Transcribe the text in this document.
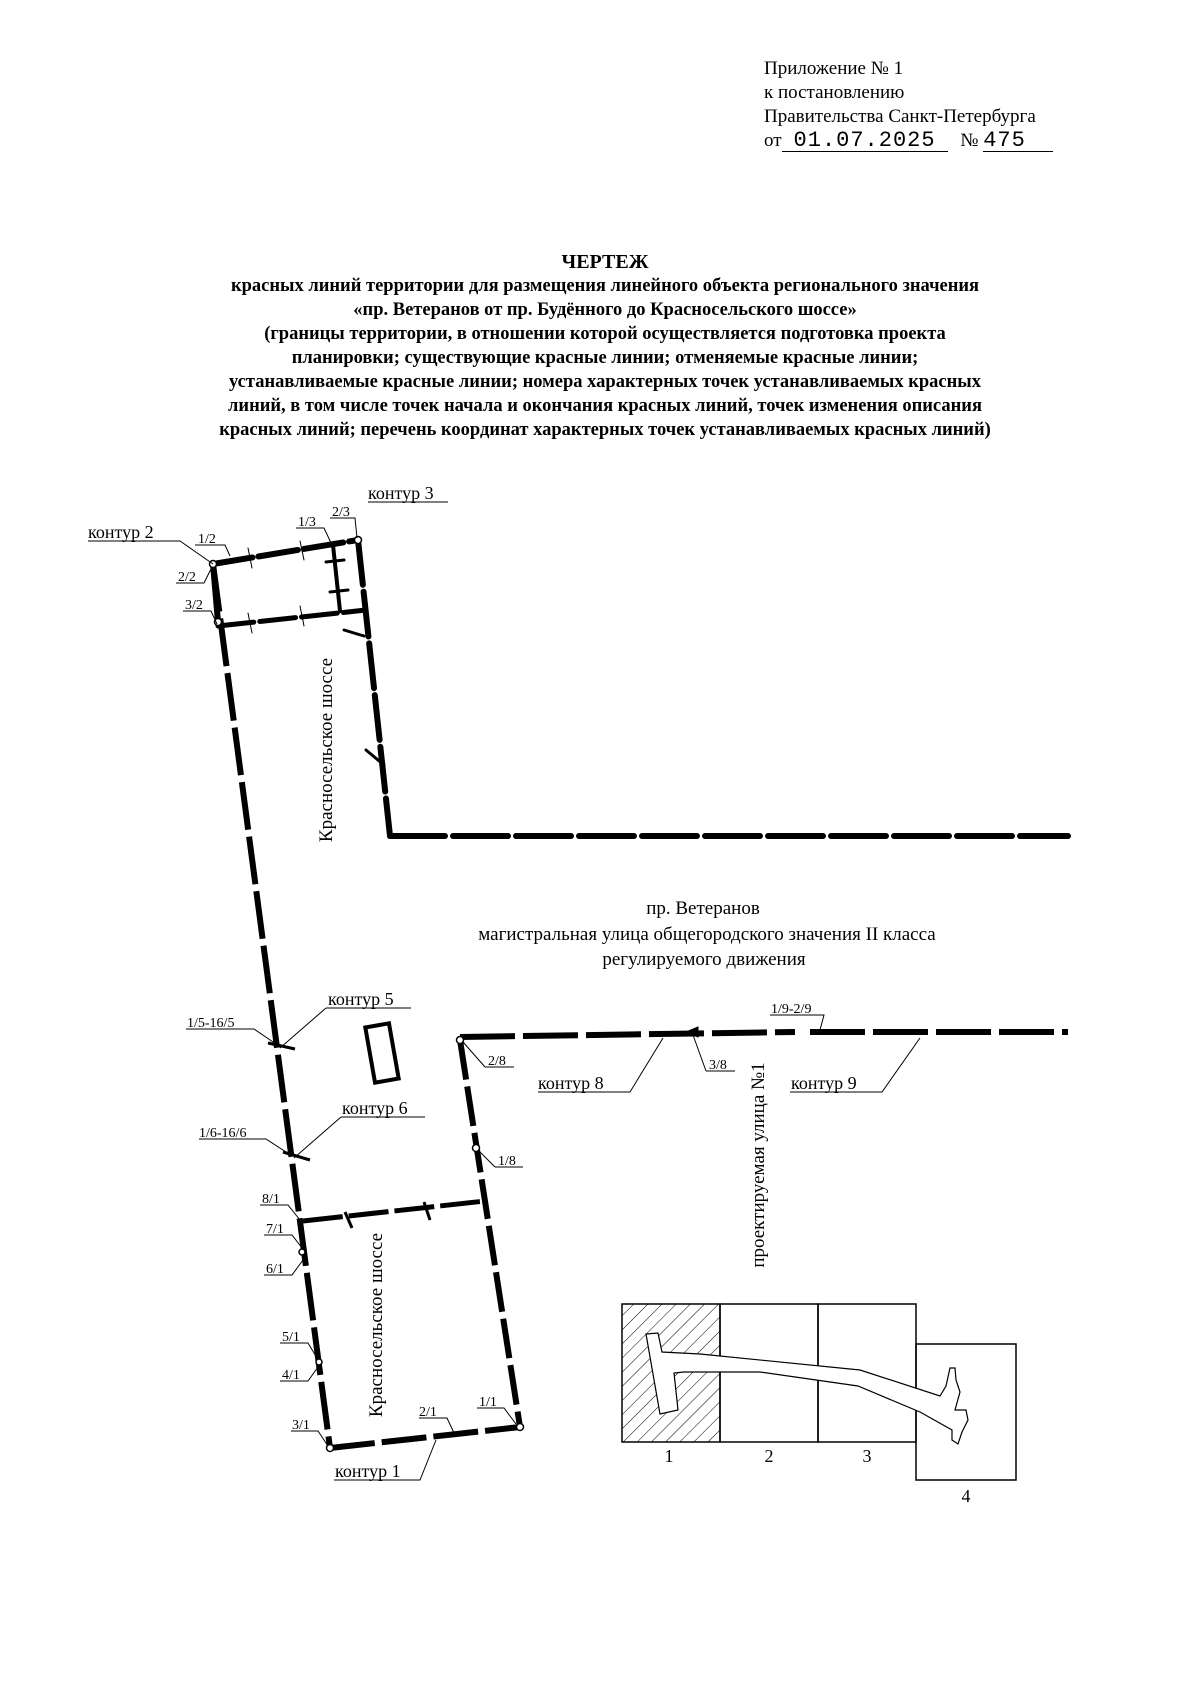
Приложение № 1
к постановлению
Правительства Санкт-Петербурга
от 01.07.2025 № 475
ЧЕРТЕЖ
красных линий территории для размещения линейного объекта регионального значения
«пр. Ветеранов от пр. Будённого до Красносельского шоссе»
(границы территории, в отношении которой осуществляется подготовка проекта
планировки; существующие красные линии; отменяемые красные линии;
устанавливаемые красные линии; номера характерных точек устанавливаемых красных
линий, в том числе точек начала и окончания красных линий, точек изменения описания
красных линий; перечень координат характерных точек устанавливаемых красных линий)
контур 2
контур 3
контур 5
контур 6
контур 8	контур 9
контур 1
1/2
2/2
3/2
1/3
2/3
1/5-16/5
1/6-16/6
8/1
7/1
6/1
5/1
4/1
3/1
2/1
1/1
1/8
2/8	3/8
1/9-2/9
Красносельское шоссе
Красносельское шоссе
пр. Ветеранов
магистральная улица общегородского значения II класса
регулируемого движения
проектируемая улица №1
1	2	3
4
